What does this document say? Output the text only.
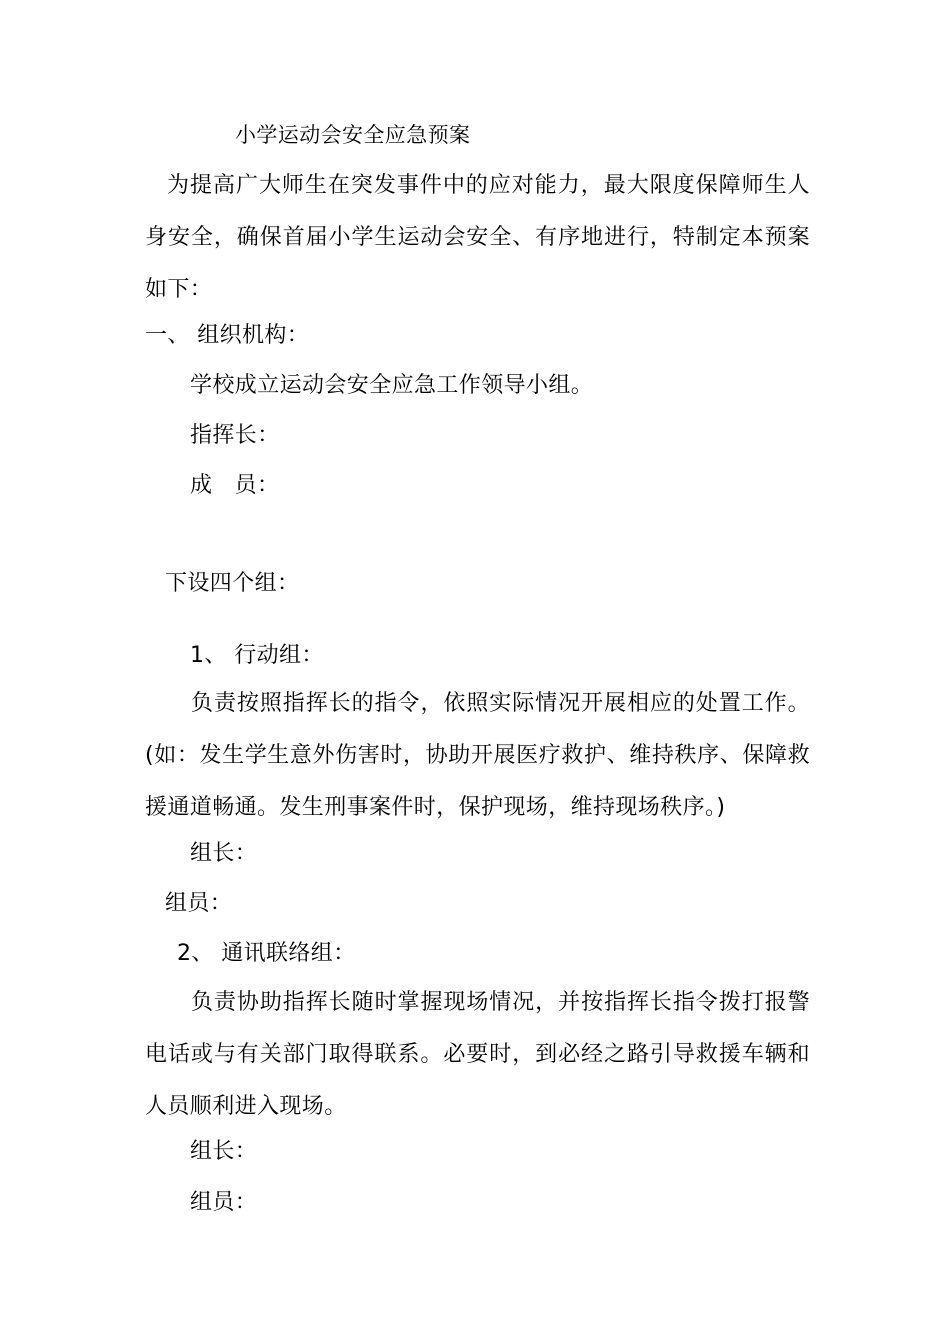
小学运动会安全应急预案
为提高广大师生在突发事件中的应对能力，最大限度保障师生人身安全，确保首届小学生运动会安全、有序地进行，特制定本预案如下：
一、 组织机构：
学校成立运动会安全应急工作领导小组。
指挥长：
成   员：
下设四个组：
1、 行动组：
负责按照指挥长的指令，依照实际情况开展相应的处置工作。(如：发生学生意外伤害时，协助开展医疗救护、维持秩序、保障救援通道畅通。发生刑事案件时，保护现场，维持现场秩序。)
组长：
组员：
2、 通讯联络组：
负责协助指挥长随时掌握现场情况，并按指挥长指令拨打报警电话或与有关部门取得联系。必要时，到必经之路引导救援车辆和人员顺利进入现场。
组长：
组员：
